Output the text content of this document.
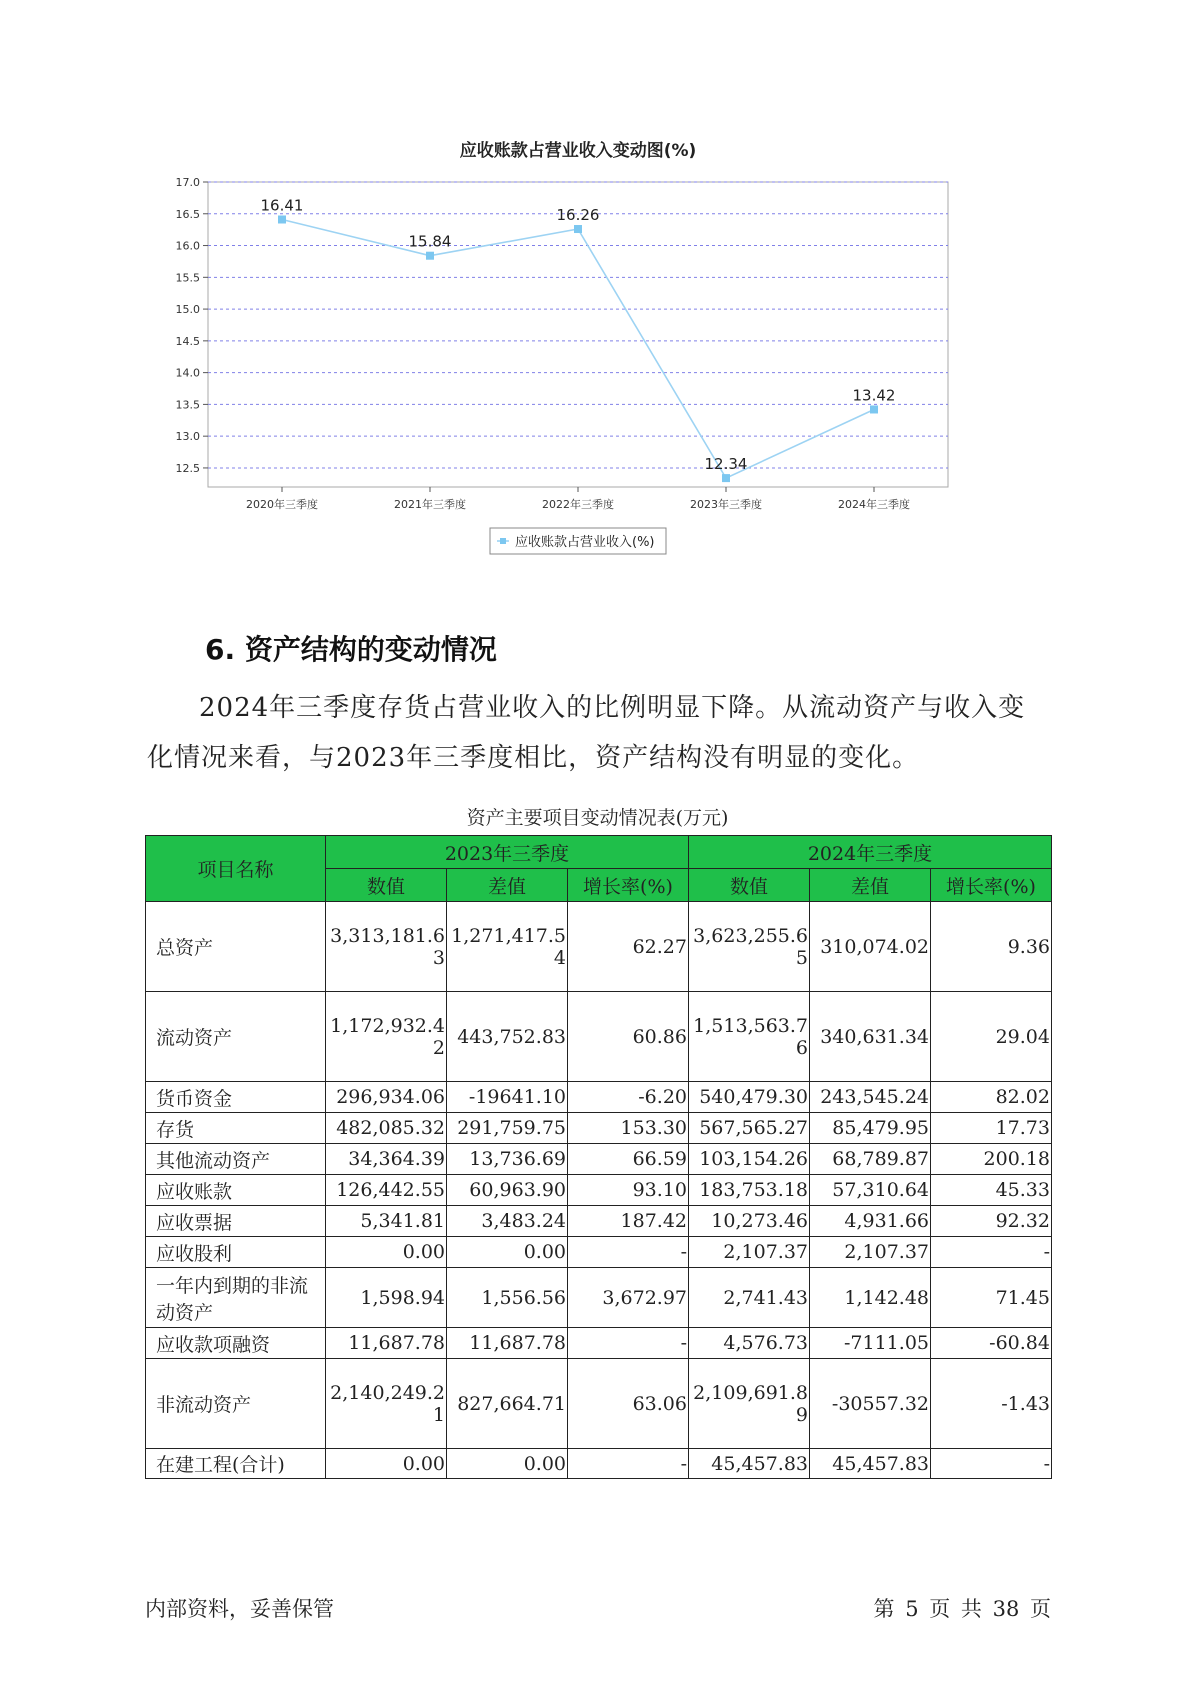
应收账款占营业收入变动图(%)
12.5
13.0
13.5
14.0
14.5
15.0
15.5
16.0
16.5
17.0
2020年三季度	2021年三季度	2022年三季度	2023年三季度	2024年三季度
16.41
15.84
16.26
12.34
13.42
应收账款占营业收入(%)
6. 资产结构的变动情况

2024年三季度存货占营业收入的比例明显下降。从流动资产与收入变化情况来看，与2023年三季度相比，资产结构没有明显的变化。

资产主要项目变动情况表(万元)
项目名称	2023年三季度			2024年三季度		
	数值	差值	增长率(%)	数值	差值	增长率(%)
总资产	3,313,181.63	1,271,417.54	62.27	3,623,255.65	310,074.02	9.36
流动资产	1,172,932.42	443,752.83	60.86	1,513,563.76	340,631.34	29.04
货币资金	296,934.06	-19641.10	-6.20	540,479.30	243,545.24	82.02
存货	482,085.32	291,759.75	153.30	567,565.27	85,479.95	17.73
其他流动资产	34,364.39	13,736.69	66.59	103,154.26	68,789.87	200.18
应收账款	126,442.55	60,963.90	93.10	183,753.18	57,310.64	45.33
应收票据	5,341.81	3,483.24	187.42	10,273.46	4,931.66	92.32
应收股利	0.00	0.00	-	2,107.37	2,107.37	-
一年内到期的非流动资产	1,598.94	1,556.56	3,672.97	2,741.43	1,142.48	71.45
应收款项融资	11,687.78	11,687.78	-	4,576.73	-7111.05	-60.84
非流动资产	2,140,249.21	827,664.71	63.06	2,109,691.89	-30557.32	-1.43
在建工程(合计)	0.00	0.00	-	45,457.83	45,457.83	-
内部资料，妥善保管	第 5 页 共 38 页
